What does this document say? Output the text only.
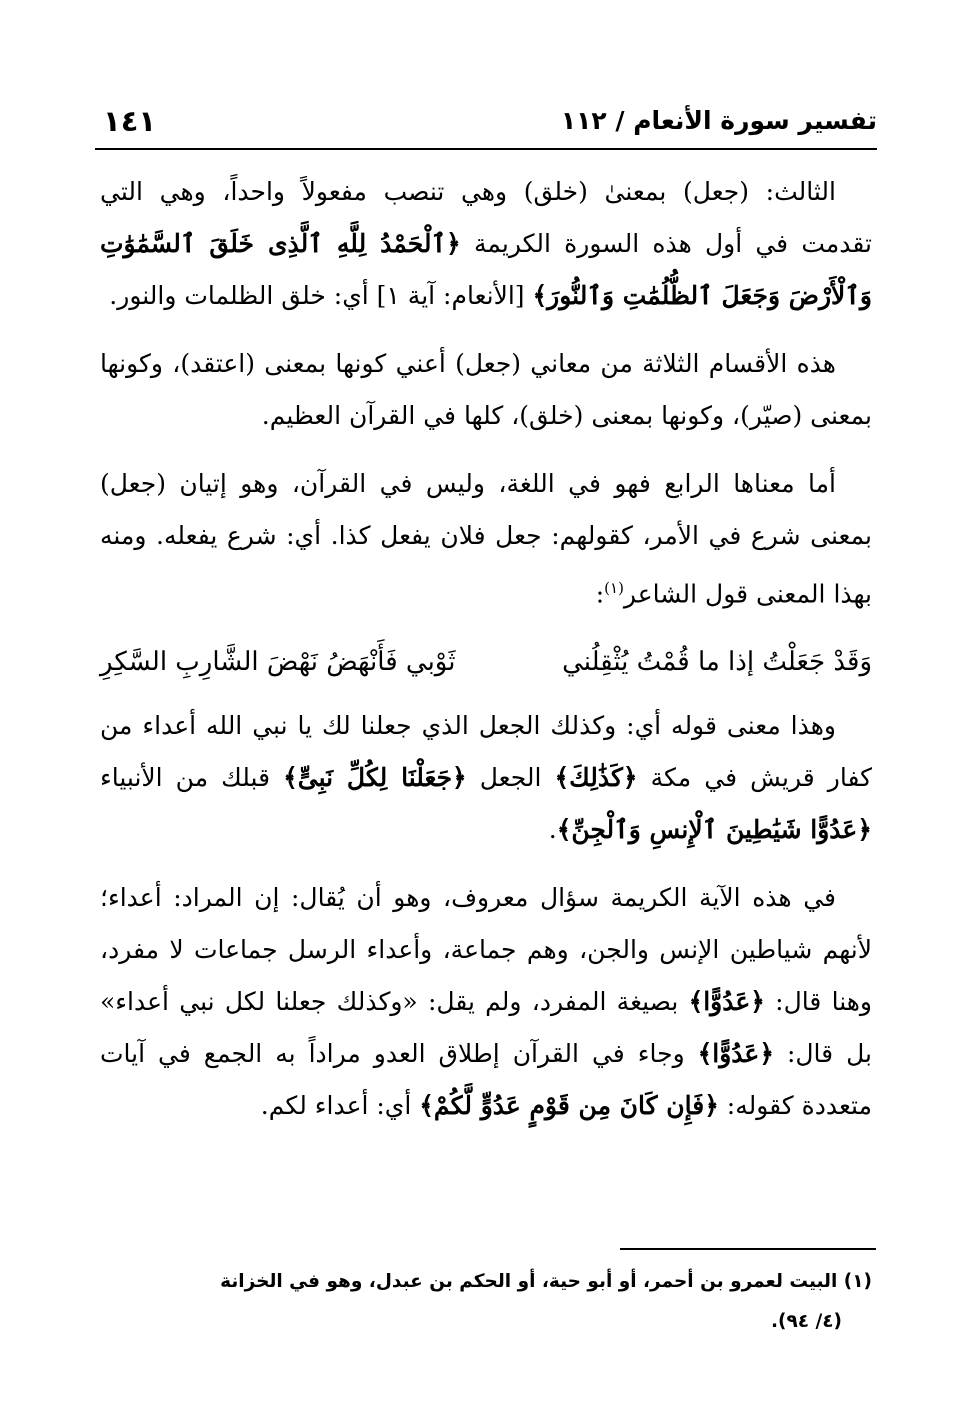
تفسير سورة الأنعام / ١١٢
١٤١

الثالث: (جعل) بمعنىٰ (خلق) وهي تنصب مفعولاً واحداً، وهي التي تقدمت في أول هذه السورة الكريمة ﴿ٱلْحَمْدُ لِلَّهِ ٱلَّذِى خَلَقَ ٱلسَّمَٰوَٰتِ وَٱلْأَرْضَ وَجَعَلَ ٱلظُّلُمَٰتِ وَٱلنُّورَ﴾ [الأنعام: آية ١] أي: خلق الظلمات والنور.

هذه الأقسام الثلاثة من معاني (جعل) أعني كونها بمعنى (اعتقد)، وكونها بمعنى (صيّر)، وكونها بمعنى (خلق)، كلها في القرآن العظيم.

أما معناها الرابع فهو في اللغة، وليس في القرآن، وهو إتيان (جعل) بمعنى شرع في الأمر، كقولهم: جعل فلان يفعل كذا. أي: شرع يفعله. ومنه بهذا المعنى قول الشاعر$^{(١)}$:

وَقَدْ جَعَلْتُ إذا ما قُمْتُ يُثْقِلُني
ثَوْبي فَأَنْهَضُ نَهْضَ الشَّارِبِ السَّكِرِ

وهذا معنى قوله أي: وكذلك الجعل الذي جعلنا لك يا نبي الله أعداء من كفار قريش في مكة ﴿كَذَٰلِكَ﴾ الجعل ﴿جَعَلْنَا لِكُلِّ نَبِىٍّ﴾ قبلك من الأنبياء ﴿عَدُوًّا شَيَٰطِينَ ٱلْإِنسِ وَٱلْجِنِّ﴾.

في هذه الآية الكريمة سؤال معروف، وهو أن يُقال: إن المراد: أعداء؛ لأنهم شياطين الإنس والجن، وهم جماعة، وأعداء الرسل جماعات لا مفرد، وهنا قال: ﴿عَدُوًّا﴾ بصيغة المفرد، ولم يقل: «وكذلك جعلنا لكل نبي أعداء» بل قال: ﴿عَدُوًّا﴾ وجاء في القرآن إطلاق العدو مراداً به الجمع في آيات متعددة كقوله: ﴿فَإِن كَانَ مِن قَوْمٍ عَدُوٍّ لَّكُمْ﴾ أي: أعداء لكم.

(١) البيت لعمرو بن أحمر، أو أبو حية، أو الحكم بن عبدل، وهو في الخزانة
(٤/ ٩٤).
